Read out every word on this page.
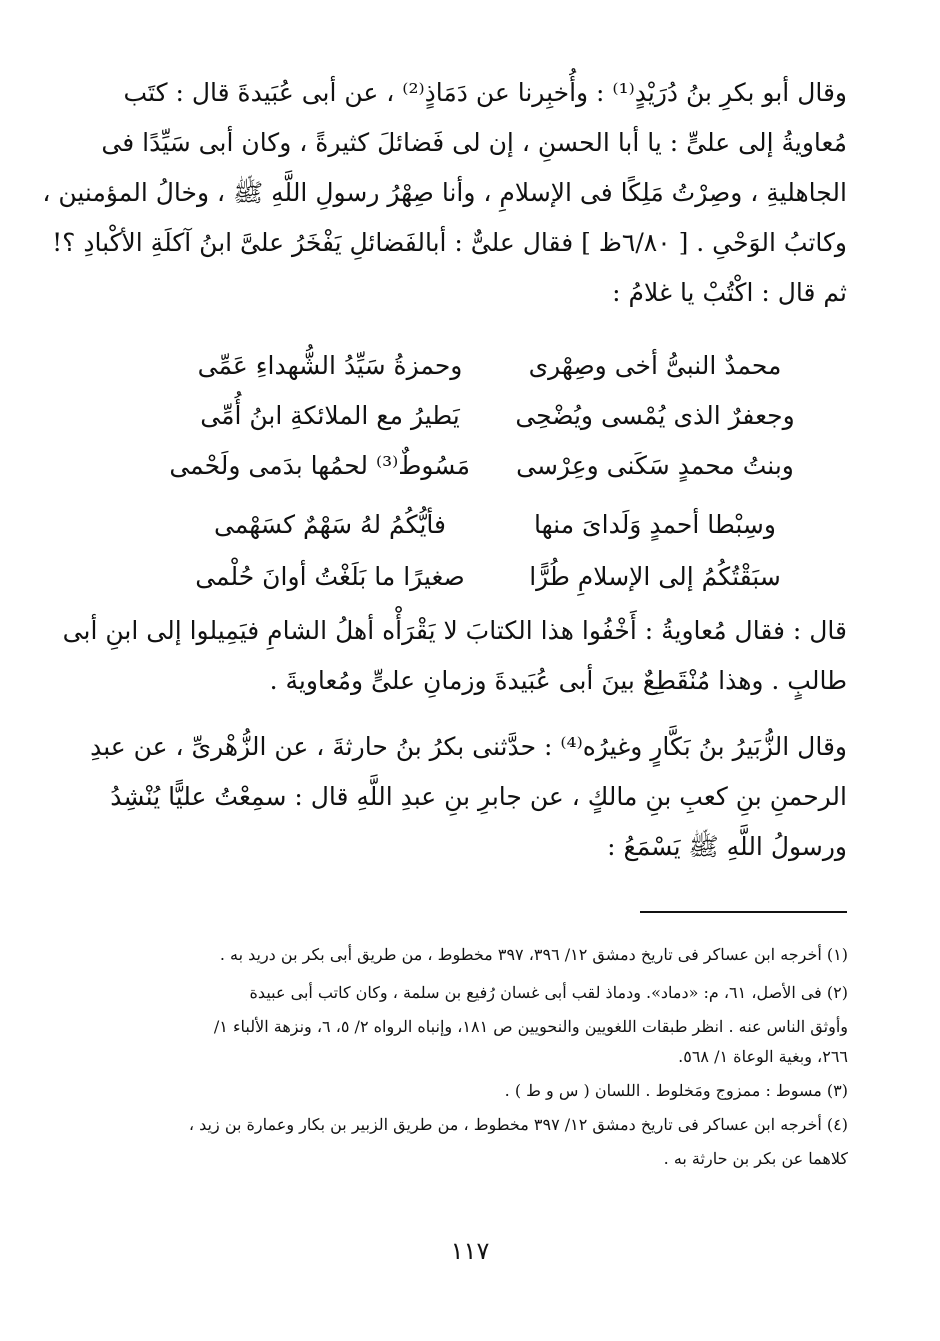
وقال أبو بكرِ بنُ دُرَيْدٍ⁽¹⁾ : وأُخبِرنا عن دَمَاذٍ⁽²⁾ ، عن أبى عُبَيدةَ قال : كتَب
مُعاويةُ إلى علىٍّ : يا أبا الحسنِ ، إن لى فَضائلَ كثيرةً ، وكان أبى سَيِّدًا فى
الجاهليةِ ، وصِرْتُ مَلِكًا فى الإسلامِ ، وأنا صِهْرُ رسولِ اللَّهِ ﷺ ، وخالُ المؤمنين ،
وكاتبُ الوَحْىِ . [ ٦/٨٠ظ ] فقال علىٌّ : أبالفَضائلِ يَفْخَرُ علىَّ ابنُ آكلَةِ الأكْبادِ ؟!
ثم قال : اكْتُبْ يا غلامُ :
محمدٌ النبىُّ أخى وصِهْرى
وحمزةُ سَيِّدُ الشُّهداءِ عَمِّى
وجعفرٌ الذى يُمْسى ويُضْحِى
يَطيرُ مع الملائكةِ ابنُ أُمِّى
وبنتُ محمدٍ سَكَنى وعِرْسى
مَسُوطٌ⁽³⁾ لحمُها بدَمى ولَحْمى
وسِبْطا أحمدٍ وَلَداىَ منها
فأيُّكُمُ لهُ سَهْمٌ كسَهْمى
سبَقْتُكُمُ إلى الإسلامِ طُرًّا
صغيرًا ما بَلَغْتُ أوانَ حُلْمى
قال : فقال مُعاويةُ : أَخْفُوا هذا الكتابَ لا يَقْرَأْه أهلُ الشامِ فيَمِيلوا إلى ابنِ أبى
طالبٍ . وهذا مُنْقَطِعٌ بينَ أبى عُبَيدةَ وزمانِ علىٍّ ومُعاويةَ .
وقال الزُّبَيرُ بنُ بَكَّارٍ وغيرُه⁽⁴⁾ : حدَّثنى بكرُ بنُ حارثةَ ، عن الزُّهْرىِّ ، عن عبدِ
الرحمنِ بنِ كعبِ بنِ مالكٍ ، عن جابرِ بنِ عبدِ اللَّهِ قال : سمِعْتُ عليًّا يُنْشِدُ
ورسولُ اللَّهِ ﷺ يَسْمَعُ :
(١) أخرجه ابن عساكر فى تاريخ دمشق ١٢/ ٣٩٦، ٣٩٧ مخطوط ، من طريق أبى بكر بن دريد به .
(٢) فى الأصل، ٦١، م: «دماد». ودماذ لقب أبى غسان رُفيع بن سلمة ، وكان كاتب أبى عبيدة
وأوثق الناس عنه . انظر طبقات اللغويين والنحويين ص ١٨١، وإنباه الرواه ٢/ ٥، ٦، ونزهة الألباء ١/
٢٦٦، وبغية الوعاة ١/ ٥٦٨.
(٣) مسوط : ممزوج ومَخلوط . اللسان ( س و ط ) .
(٤) أخرجه ابن عساكر فى تاريخ دمشق ١٢/ ٣٩٧ مخطوط ، من طريق الزبير بن بكار وعمارة بن زيد ،
كلاهما عن بكر بن حارثة به .
١١٧
